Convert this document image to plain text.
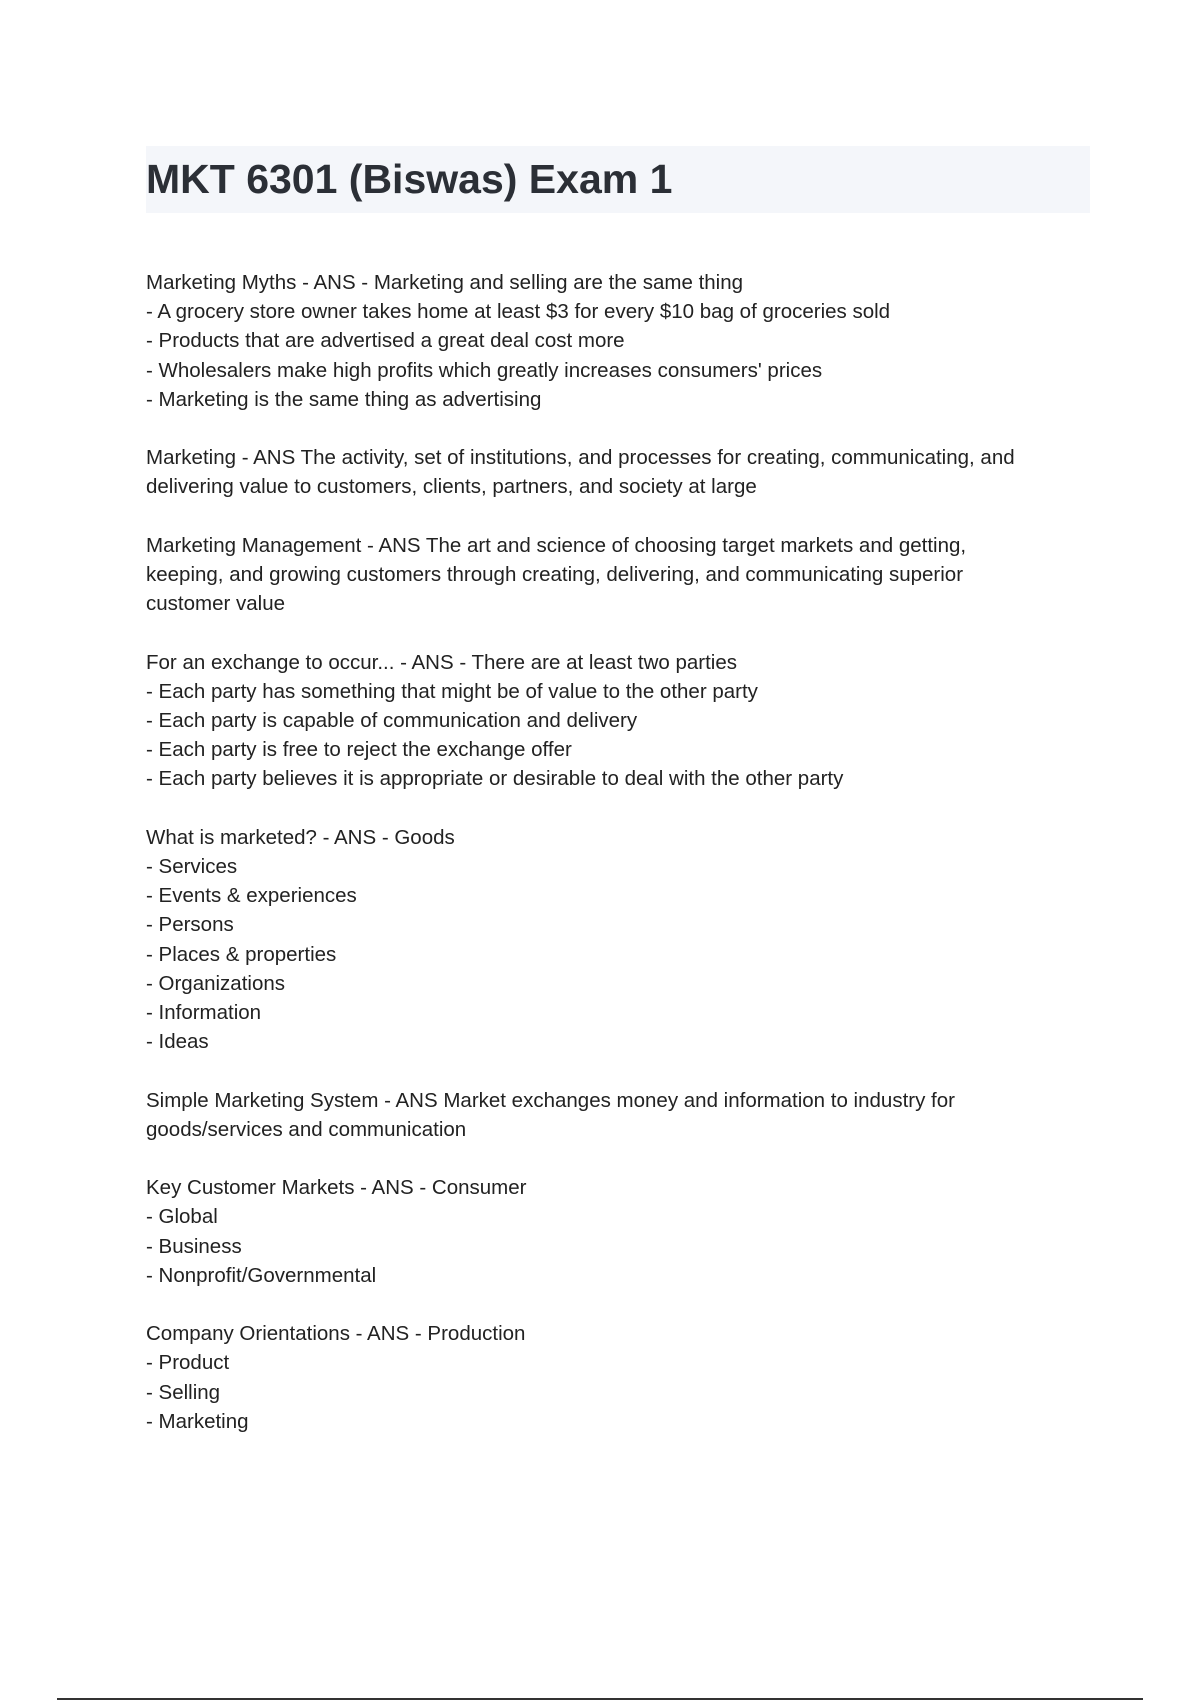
MKT 6301 (Biswas) Exam 1
Marketing Myths - ANS - Marketing and selling are the same thing
- A grocery store owner takes home at least $3 for every $10 bag of groceries sold
- Products that are advertised a great deal cost more
- Wholesalers make high profits which greatly increases consumers' prices
- Marketing is the same thing as advertising
Marketing - ANS The activity, set of institutions, and processes for creating, communicating, and
delivering value to customers, clients, partners, and society at large
Marketing Management - ANS The art and science of choosing target markets and getting,
keeping, and growing customers through creating, delivering, and communicating superior
customer value
For an exchange to occur... - ANS - There are at least two parties
- Each party has something that might be of value to the other party
- Each party is capable of communication and delivery
- Each party is free to reject the exchange offer
- Each party believes it is appropriate or desirable to deal with the other party
What is marketed? - ANS - Goods
- Services
- Events & experiences
- Persons
- Places & properties
- Organizations
- Information
- Ideas
Simple Marketing System - ANS Market exchanges money and information to industry for
goods/services and communication
Key Customer Markets - ANS - Consumer
- Global
- Business
- Nonprofit/Governmental
Company Orientations - ANS - Production
- Product
- Selling
- Marketing
